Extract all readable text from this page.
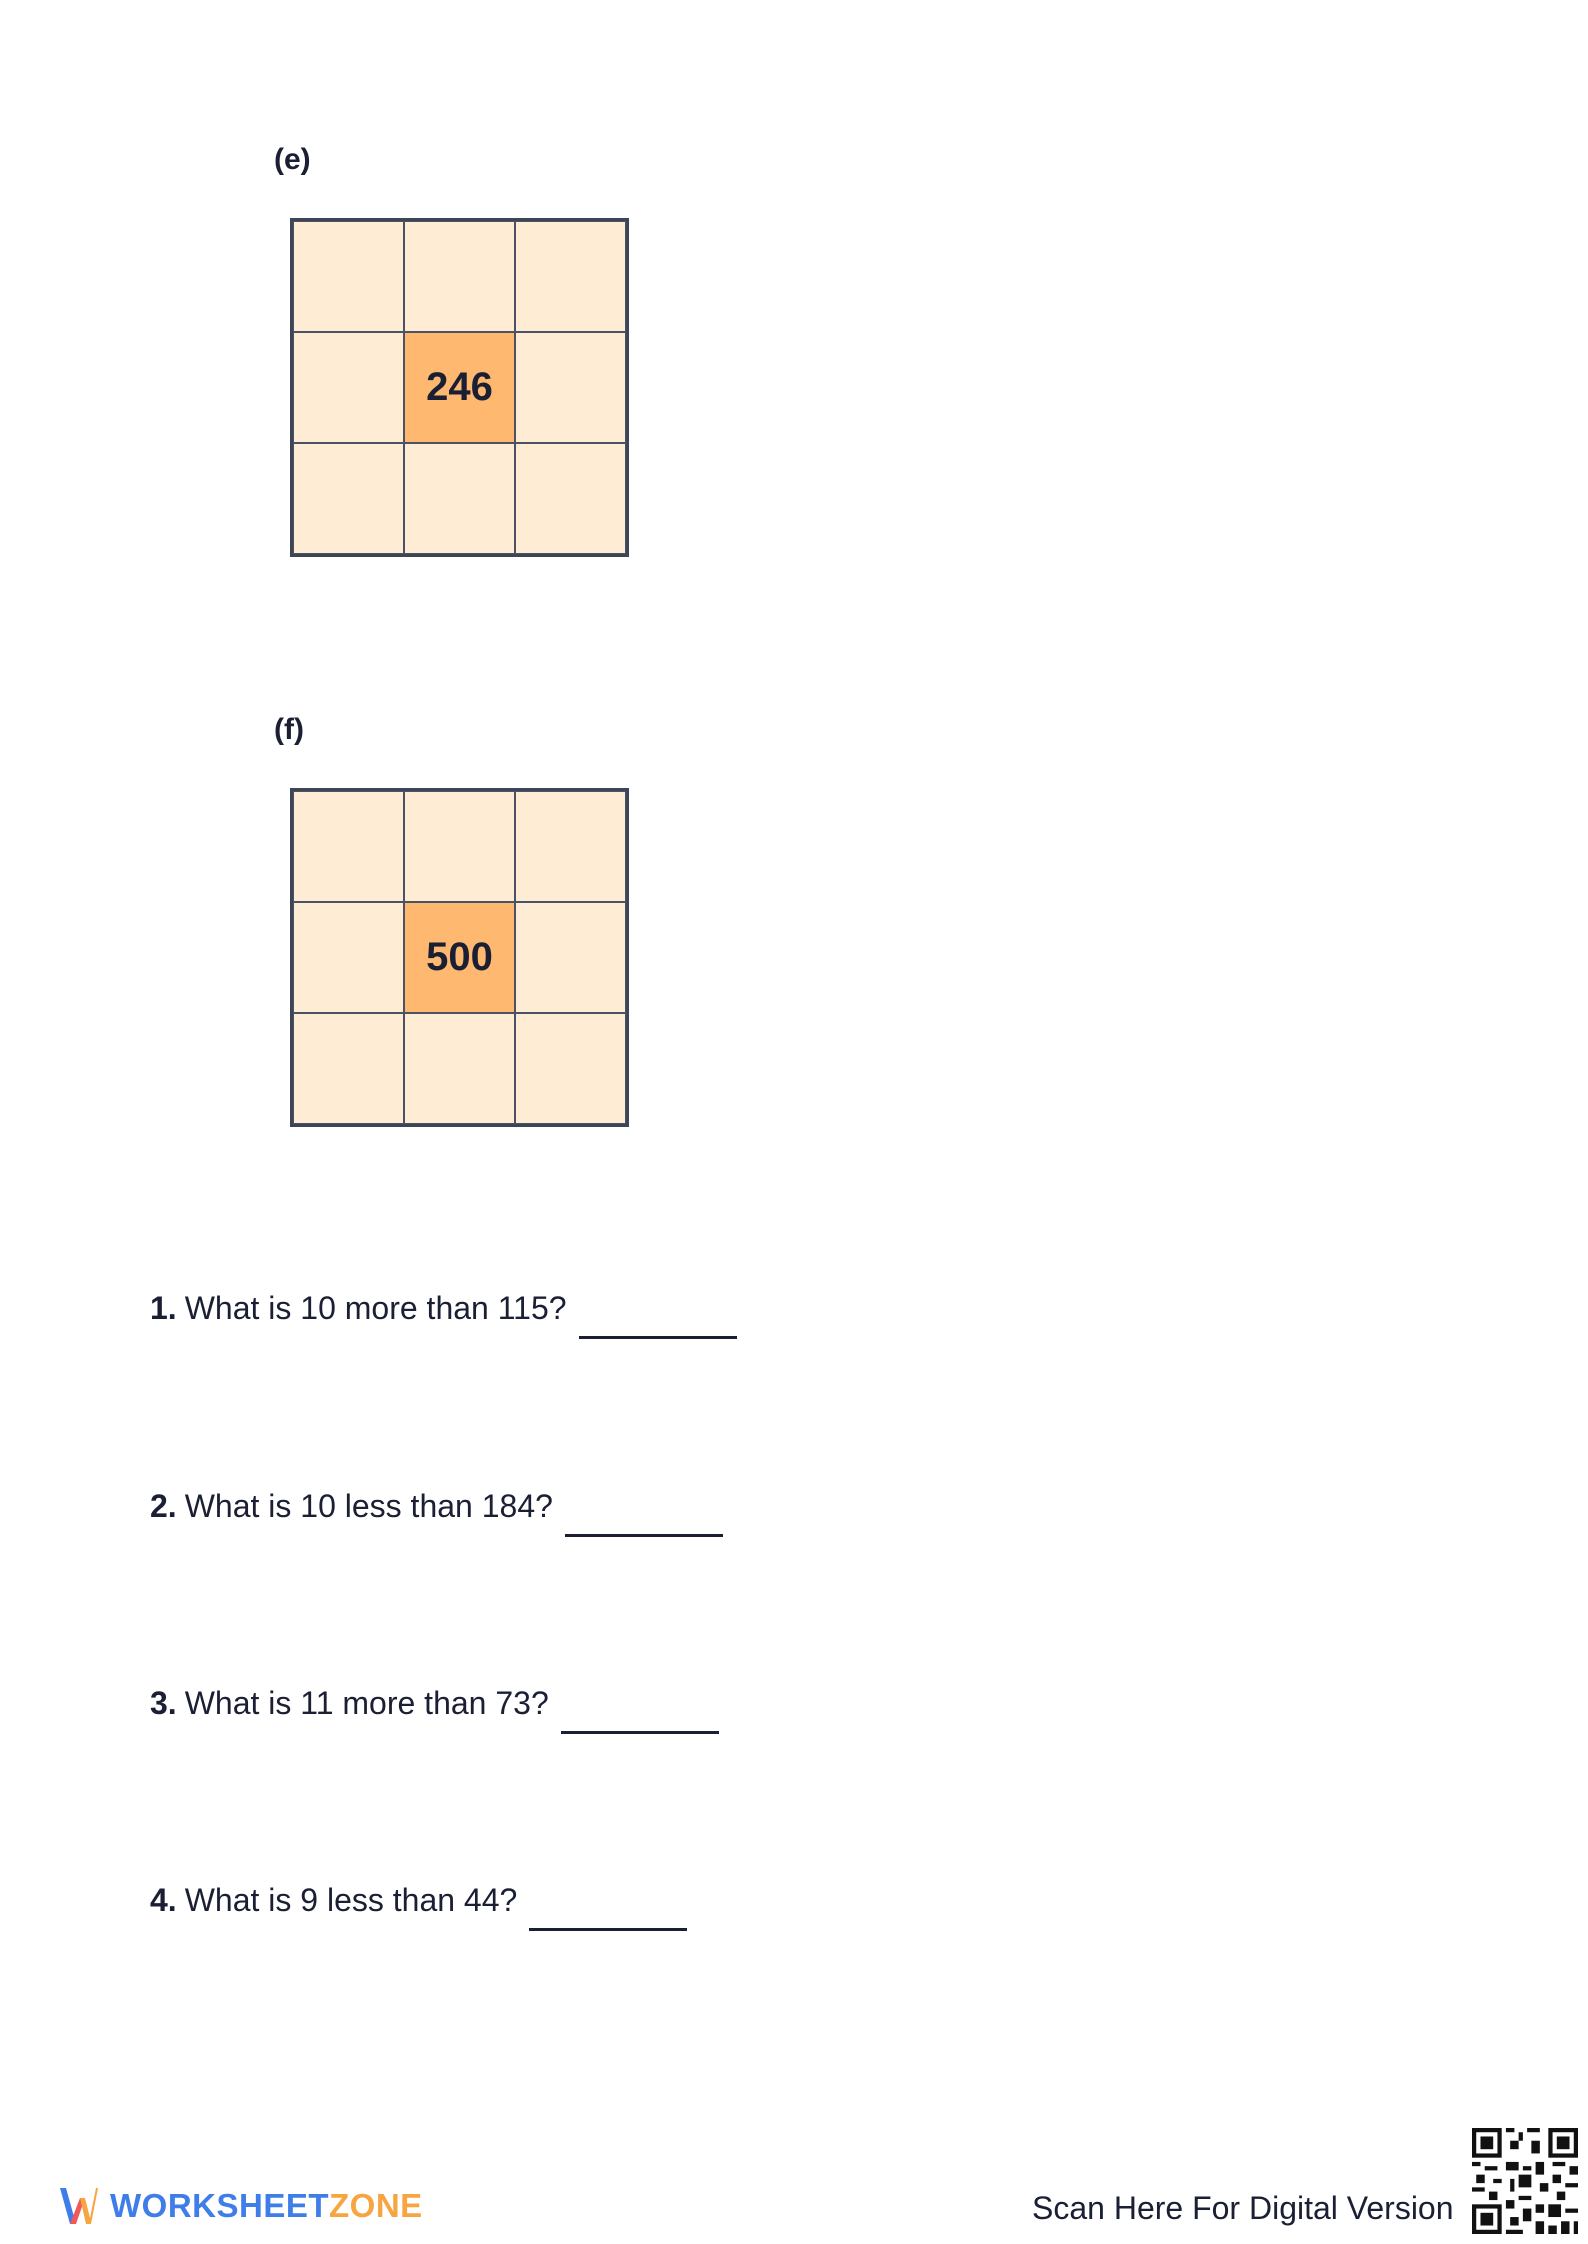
(e)
246
(f)
500
1. What is 10 more than 115?
2. What is 10 less than 184?
3. What is 11 more than 73?
4. What is 9 less than 44?
WORKSHEETZONE	Scan Here For Digital Version
